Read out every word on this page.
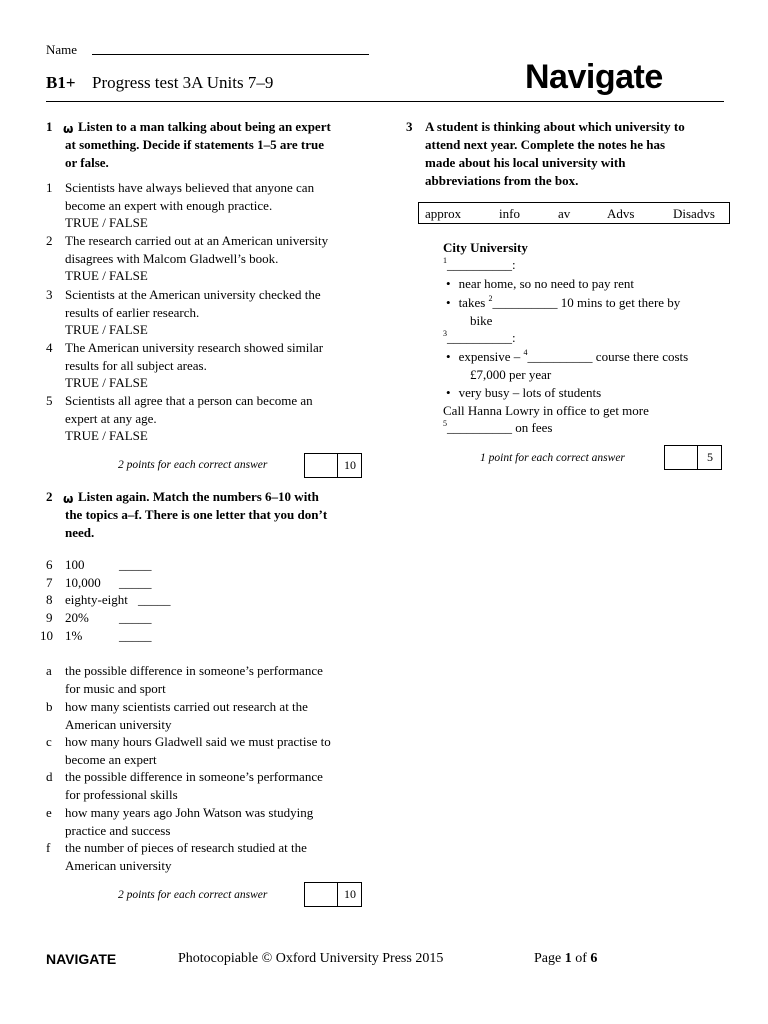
Name
B1+ Progress test 3A Units 7–9	Navigate
1 ω Listen to a man talking about being an expert
at something. Decide if statements 1–5 are true
or false.
1 Scientists have always believed that anyone can
become an expert with enough practice.
TRUE / FALSE
2 The research carried out at an American university
disagrees with Malcom Gladwell’s book.
TRUE / FALSE
3 Scientists at the American university checked the
results of earlier research.
TRUE / FALSE
4 The American university research showed similar
results for all subject areas.
TRUE / FALSE
5 Scientists all agree that a person can become an
expert at any age.
TRUE / FALSE
2 points for each correct answer	10
2 ω Listen again. Match the numbers 6–10 with
the topics a–f. There is one letter that you don’t
need.
6 100	_____
7 10,000 _____
8 eighty-eight _____
9 20% _____
10 1%	_____
a the possible difference in someone’s performance
for music and sport
b how many scientists carried out research at the
American university
c how many hours Gladwell said we must practise to
become an expert
d the possible difference in someone’s performance
for professional skills
e how many years ago John Watson was studying
practice and success
f the number of pieces of research studied at the
American university
2 points for each correct answer	10
3 A student is thinking about which university to
attend next year. Complete the notes he has
made about his local university with
abbreviations from the box.
approx	info	av	Advs	Disadvs
City University
$^1$__________:
• near home, so no need to pay rent
• takes $^2$__________ 10 mins to get there by
bike
$^3$__________:
• expensive – $^4$__________ course there costs
£7,000 per year
• very busy – lots of students
Call Hanna Lowry in office to get more
$^5$__________ on fees
1 point for each correct answer	5
NAVIGATE	Photocopiable © Oxford University Press 2015	Page 1 of 6
